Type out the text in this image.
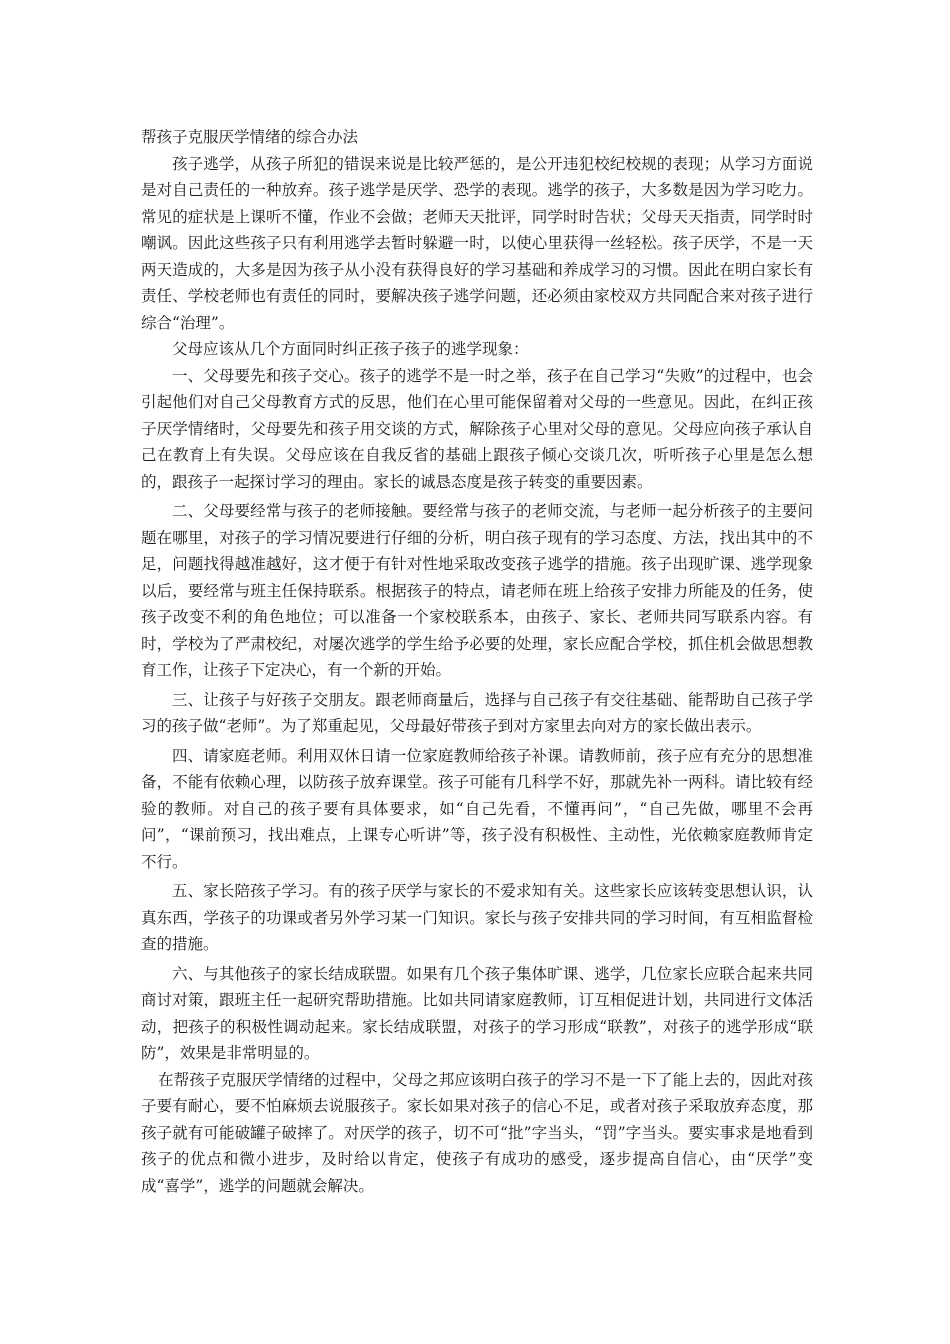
帮孩子克服厌学情绪的综合办法

孩子逃学，从孩子所犯的错误来说是比较严惩的，是公开违犯校纪校规的表现；从学习方面说是对自己责任的一种放弃。孩子逃学是厌学、恐学的表现。逃学的孩子，大多数是因为学习吃力。常见的症状是上课听不懂，作业不会做；老师天天批评，同学时时告状；父母天天指责，同学时时嘲讽。因此这些孩子只有利用逃学去暂时躲避一时，以使心里获得一丝轻松。孩子厌学，不是一天两天造成的，大多是因为孩子从小没有获得良好的学习基础和养成学习的习惯。因此在明白家长有责任、学校老师也有责任的同时，要解决孩子逃学问题，还必须由家校双方共同配合来对孩子进行综合“治理”。

父母应该从几个方面同时纠正孩子孩子的逃学现象：

一、父母要先和孩子交心。孩子的逃学不是一时之举，孩子在自己学习“失败”的过程中，也会引起他们对自己父母教育方式的反思，他们在心里可能保留着对父母的一些意见。因此，在纠正孩子厌学情绪时，父母要先和孩子用交谈的方式，解除孩子心里对父母的意见。父母应向孩子承认自己在教育上有失误。父母应该在自我反省的基础上跟孩子倾心交谈几次，听听孩子心里是怎么想的，跟孩子一起探讨学习的理由。家长的诚恳态度是孩子转变的重要因素。

二、父母要经常与孩子的老师接触。要经常与孩子的老师交流，与老师一起分析孩子的主要问题在哪里，对孩子的学习情况要进行仔细的分析，明白孩子现有的学习态度、方法，找出其中的不足，问题找得越准越好，这才便于有针对性地采取改变孩子逃学的措施。孩子出现旷课、逃学现象以后，要经常与班主任保持联系。根据孩子的特点，请老师在班上给孩子安排力所能及的任务，使孩子改变不利的角色地位；可以准备一个家校联系本，由孩子、家长、老师共同写联系内容。有时，学校为了严肃校纪，对屡次逃学的学生给予必要的处理，家长应配合学校，抓住机会做思想教育工作，让孩子下定决心，有一个新的开始。

三、让孩子与好孩子交朋友。跟老师商量后，选择与自己孩子有交往基础、能帮助自己孩子学习的孩子做“老师”。为了郑重起见，父母最好带孩子到对方家里去向对方的家长做出表示。

四、请家庭老师。利用双休日请一位家庭教师给孩子补课。请教师前，孩子应有充分的思想准备，不能有依赖心理，以防孩子放弃课堂。孩子可能有几科学不好，那就先补一两科。请比较有经验的教师。对自己的孩子要有具体要求，如“自己先看，不懂再问”，“自己先做，哪里不会再问”，“课前预习，找出难点，上课专心听讲”等，孩子没有积极性、主动性，光依赖家庭教师肯定不行。

五、家长陪孩子学习。有的孩子厌学与家长的不爱求知有关。这些家长应该转变思想认识，认真东西，学孩子的功课或者另外学习某一门知识。家长与孩子安排共同的学习时间，有互相监督检查的措施。

六、与其他孩子的家长结成联盟。如果有几个孩子集体旷课、逃学，几位家长应联合起来共同商讨对策，跟班主任一起研究帮助措施。比如共同请家庭教师，订互相促进计划，共同进行文体活动，把孩子的积极性调动起来。家长结成联盟，对孩子的学习形成“联教”，对孩子的逃学形成“联防”，效果是非常明显的。

在帮孩子克服厌学情绪的过程中，父母之邦应该明白孩子的学习不是一下了能上去的，因此对孩子要有耐心，要不怕麻烦去说服孩子。家长如果对孩子的信心不足，或者对孩子采取放弃态度，那孩子就有可能破罐子破摔了。对厌学的孩子，切不可“批”字当头，“罚”字当头。要实事求是地看到孩子的优点和微小进步，及时给以肯定，使孩子有成功的感受，逐步提高自信心，由“厌学”变成“喜学”，逃学的问题就会解决。
